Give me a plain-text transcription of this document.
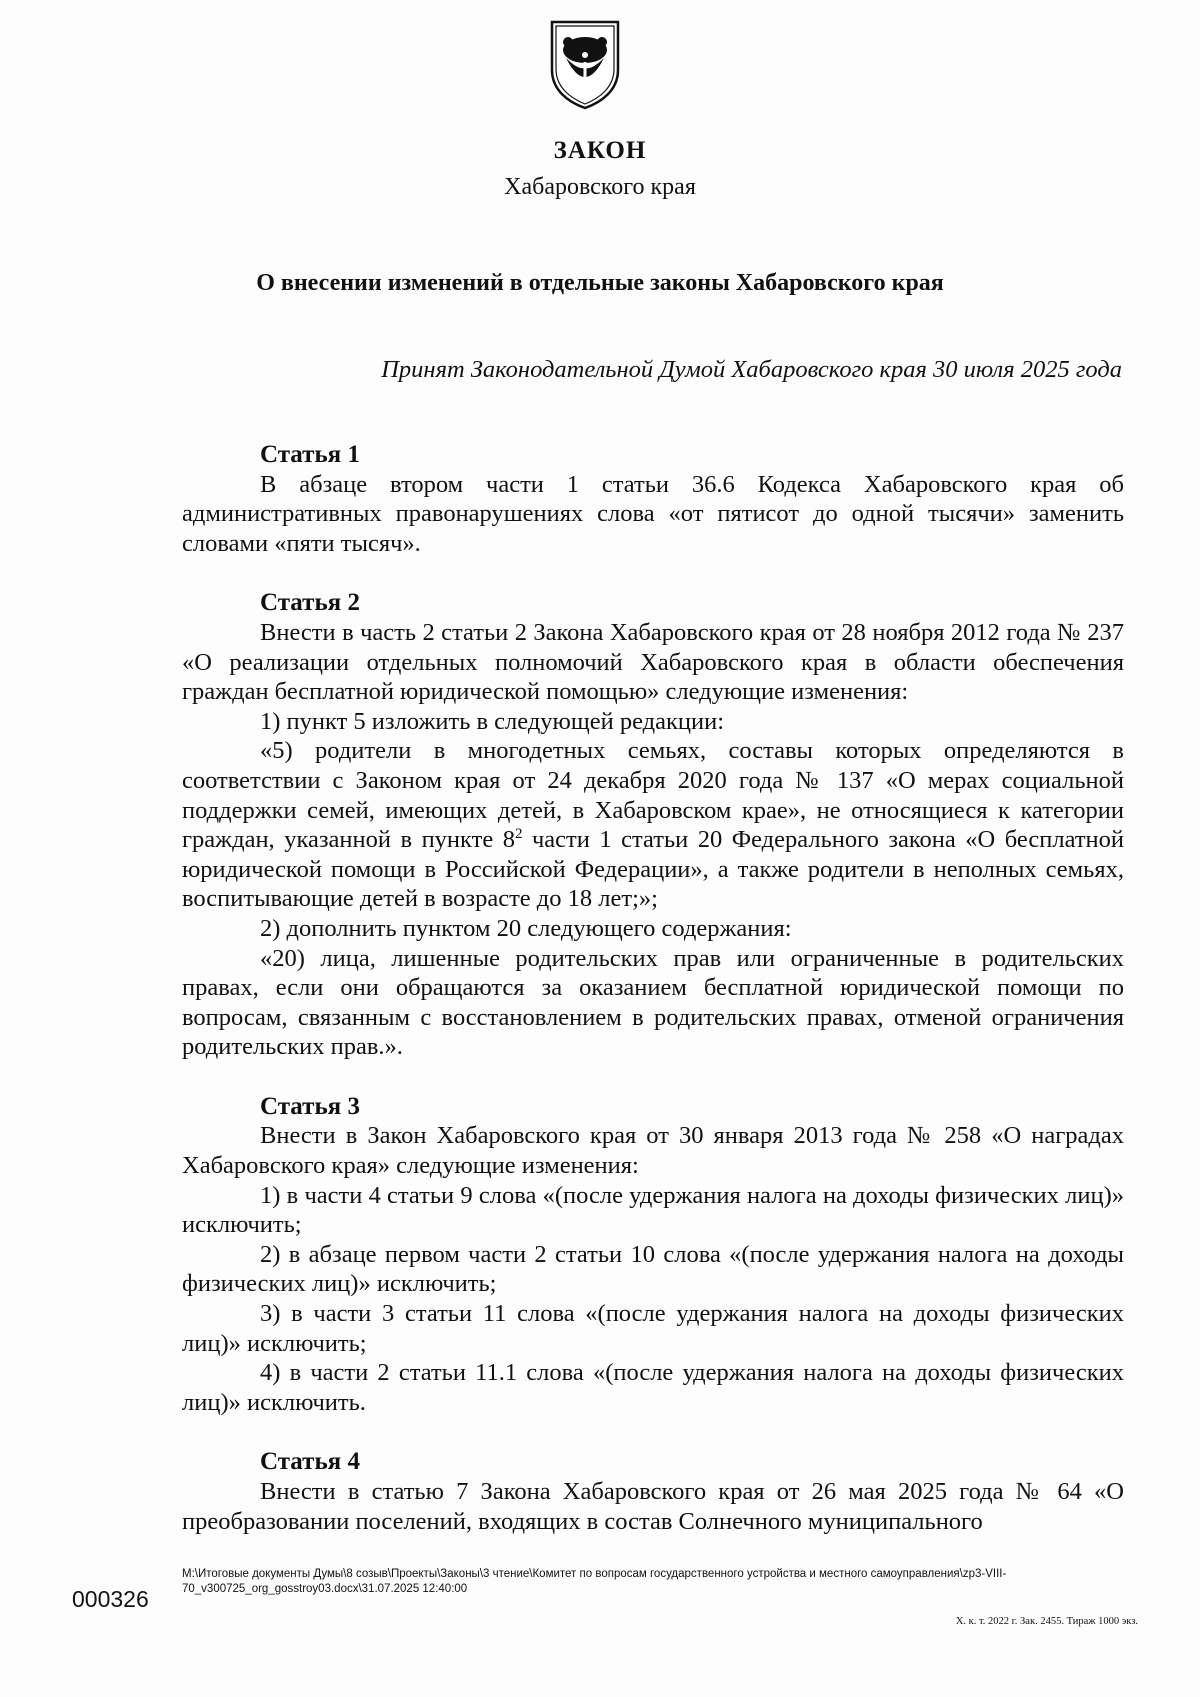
ЗАКОН
Хабаровского края
О внесении изменений в отдельные законы Хабаровского края
Принят Законодательной Думой Хабаровского края 30 июля 2025 года
Статья 1

В абзаце втором части 1 статьи 36.6 Кодекса Хабаровского края об административных правонарушениях слова «от пятисот до одной тысячи» заменить словами «пяти тысяч».

Статья 2

Внести в часть 2 статьи 2 Закона Хабаровского края от 28 ноября 2012 года № 237 «О реализации отдельных полномочий Хабаровского края в области обеспечения граждан бесплатной юридической помощью» следующие изменения:

1) пункт 5 изложить в следующей редакции:

«5) родители в многодетных семьях, составы которых определяются в соответствии с Законом края от 24 декабря 2020 года № 137 «О мерах социальной поддержки семей, имеющих детей, в Хабаровском крае», не относящиеся к категории граждан, указанной в пункте $8^2$ части 1 статьи 20 Федерального закона «О бесплатной юридической помощи в Российской Федерации», а также родители в неполных семьях, воспитывающие детей в возрасте до 18 лет;»;

2) дополнить пунктом 20 следующего содержания:

«20) лица, лишенные родительских прав или ограниченные в родительских правах, если они обращаются за оказанием бесплатной юридической помощи по вопросам, связанным с восстановлением в родительских правах, отменой ограничения родительских прав.».

Статья 3

Внести в Закон Хабаровского края от 30 января 2013 года № 258 «О наградах Хабаровского края» следующие изменения:

1) в части 4 статьи 9 слова «(после удержания налога на доходы физических лиц)» исключить;

2) в абзаце первом части 2 статьи 10 слова «(после удержания налога на доходы физических лиц)» исключить;

3) в части 3 статьи 11 слова «(после удержания налога на доходы физических лиц)» исключить;

4) в части 2 статьи 11.1 слова «(после удержания налога на доходы физических лиц)» исключить.

Статья 4

Внести в статью 7 Закона Хабаровского края от 26 мая 2025 года № 64 «О преобразовании поселений, входящих в состав Солнечного муниципального

000326
M:\Итоговые документы Думы\8 созыв\Проекты\Законы\3 чтение\Комитет по вопросам государственного устройства и местного самоуправления\zp3-VIII-70_v300725_org_gosstroy03.docx\31.07.2025 12:40:00
Х. к. т. 2022 г. Зак. 2455. Тираж 1000 экз.
